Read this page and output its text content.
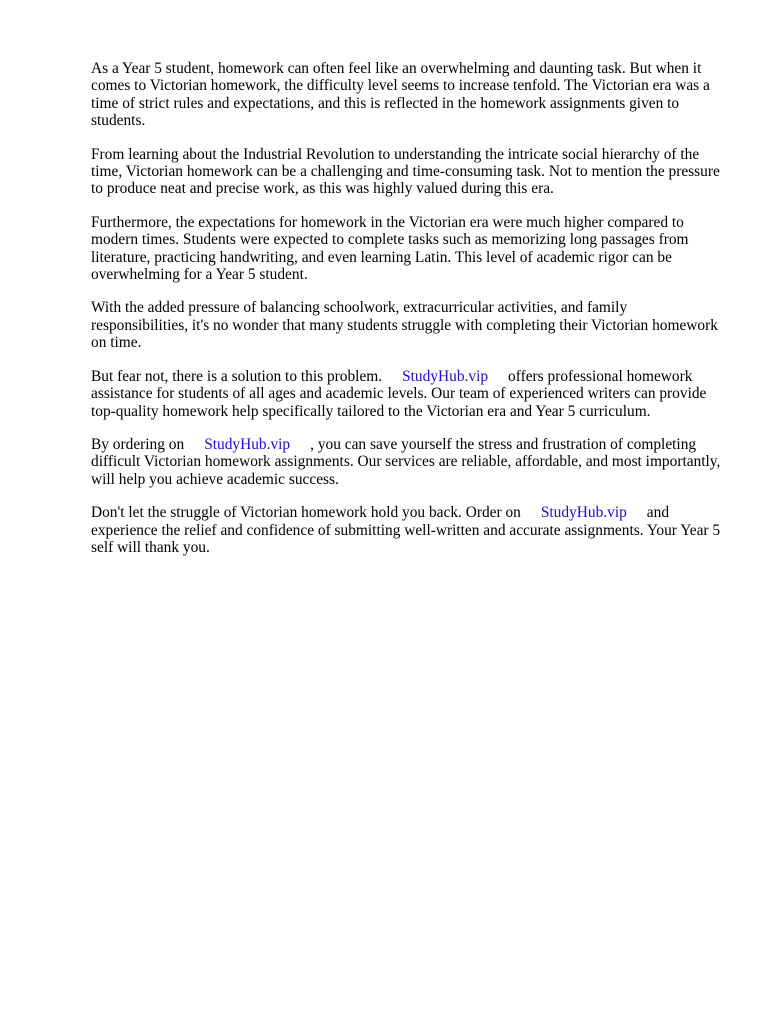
As a Year 5 student, homework can often feel like an overwhelming and daunting task. But when it comes to Victorian homework, the difficulty level seems to increase tenfold. The Victorian era was a time of strict rules and expectations, and this is reflected in the homework assignments given to students.

From learning about the Industrial Revolution to understanding the intricate social hierarchy of the time, Victorian homework can be a challenging and time-consuming task. Not to mention the pressure to produce neat and precise work, as this was highly valued during this era.

Furthermore, the expectations for homework in the Victorian era were much higher compared to modern times. Students were expected to complete tasks such as memorizing long passages from literature, practicing handwriting, and even learning Latin. This level of academic rigor can be overwhelming for a Year 5 student.

With the added pressure of balancing schoolwork, extracurricular activities, and family responsibilities, it's no wonder that many students struggle with completing their Victorian homework on time.

But fear not, there is a solution to this problem. StudyHub.vip offers professional homework assistance for students of all ages and academic levels. Our team of experienced writers can provide top-quality homework help specifically tailored to the Victorian era and Year 5 curriculum.

By ordering on StudyHub.vip , you can save yourself the stress and frustration of completing difficult Victorian homework assignments. Our services are reliable, affordable, and most importantly, will help you achieve academic success.

Don't let the struggle of Victorian homework hold you back. Order on StudyHub.vip and experience the relief and confidence of submitting well-written and accurate assignments. Your Year 5 self will thank you.
